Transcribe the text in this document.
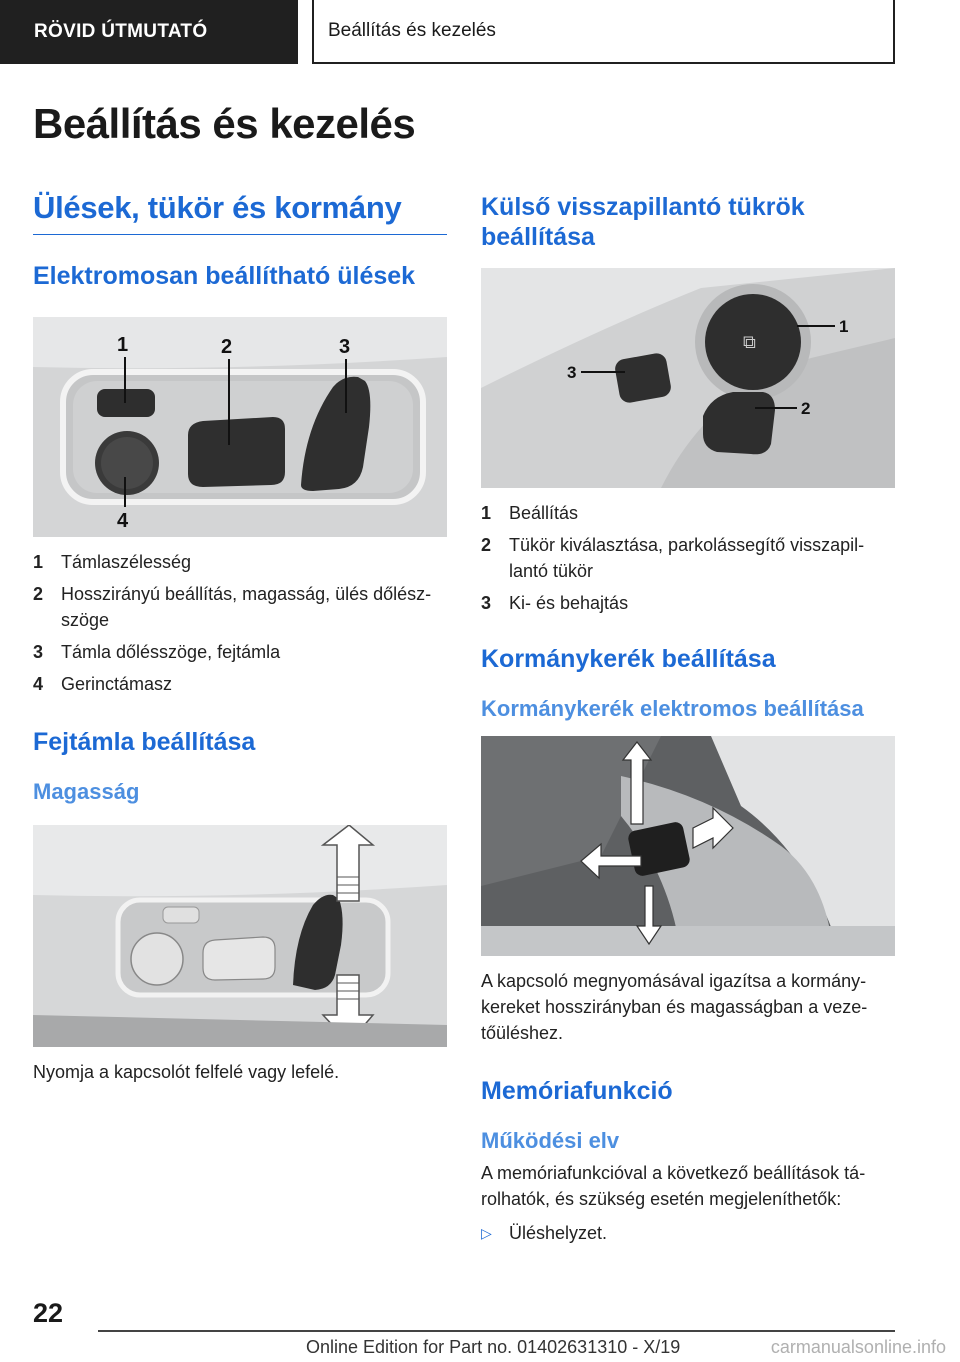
RÖVID ÚTMUTATÓ	Beállítás és kezelés
Beállítás és kezelés
Ülések, tükör és kormány
Elektromosan beállítható ülések
1	2	3
4
1 Támlaszélesség
2 Hosszirányú beállítás, magasság, ülés dőlész-szöge
3 Támla dőlésszöge, fejtámla
4 Gerinctámasz
Fejtámla beállítása
Magasság

Nyomja a kapcsolót felfelé vagy lefelé.

Külső visszapillantó tükrök beállítása
⧉
1
2
3
1 Beállítás
2 Tükör kiválasztása, parkolássegítő visszapil-lantó tükör
3 Ki- és behajtás
Kormánykerék beállítása
Kormánykerék elektromos beállítása

A kapcsoló megnyomásával igazítsa a kormány-kereket hosszirányban és magasságban a veze-tőüléshez.

Memóriafunkció
Működési elv

A memóriafunkcióval a következő beállítások tá-rolhatók, és szükség esetén megjeleníthetők:

▷ Üléshelyzet.

22

Online Edition for Part no. 01402631310 - X/19	carmanualsonline.info
